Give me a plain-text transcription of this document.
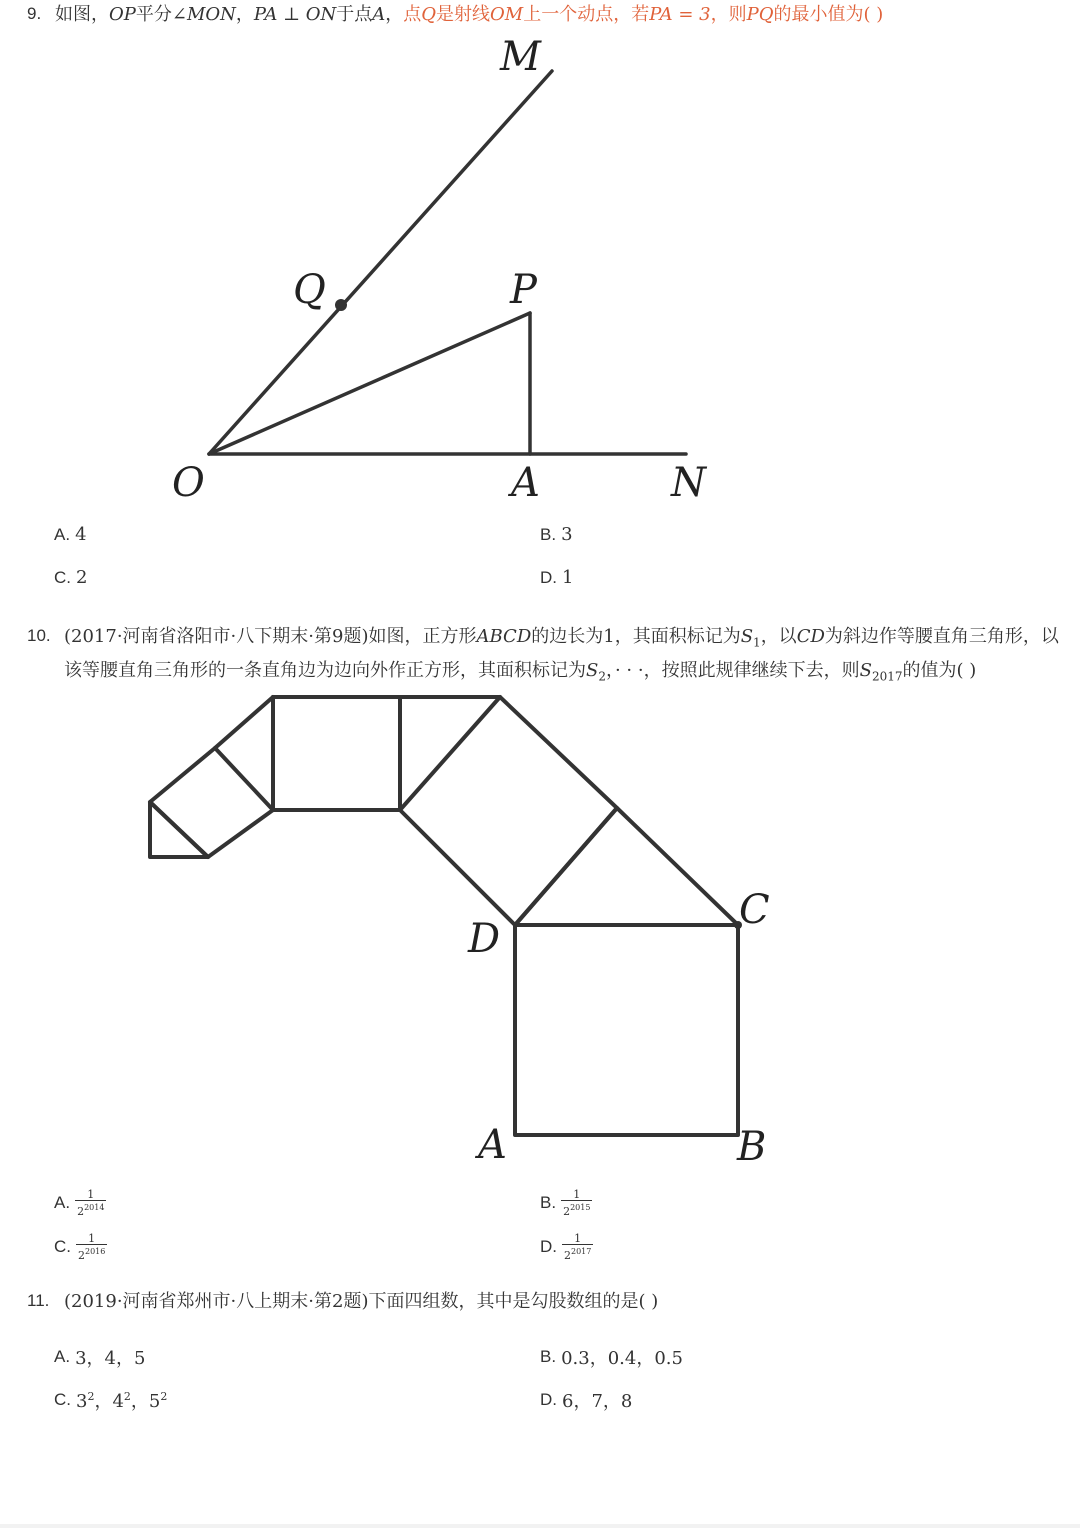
9. 如图，OP平分∠MON，PA ⊥ ON于点A，点Q是射线OM上一个动点，若PA = 3，则PQ的最小值为( )
M
Q	P
O	A	N
A. 4	B. 3
C. 2	D. 1
10. (2017·河南省洛阳市·八下期末·第9题)如图，正方形ABCD的边长为1，其面积标记为$S_1$，以CD为斜边作等腰直角三角形，以
该等腰直角三角形的一条直角边为边向外作正方形，其面积标记为$S_2$，· · ·，按照此规律继续下去，则$S_{2017}$的值为( )
D
C
A	B
A. $\frac{1}{2^{2014}}$	B. $\frac{1}{2^{2015}}$
C. $\frac{1}{2^{2016}}$	D. $\frac{1}{2^{2017}}$
11. (2019·河南省郑州市·八上期末·第2题)下面四组数，其中是勾股数组的是( )
A. 3，4，5	B. 0.3，0.4，0.5
C. $3^2$，$4^2$，$5^2$	D. 6，7，8
